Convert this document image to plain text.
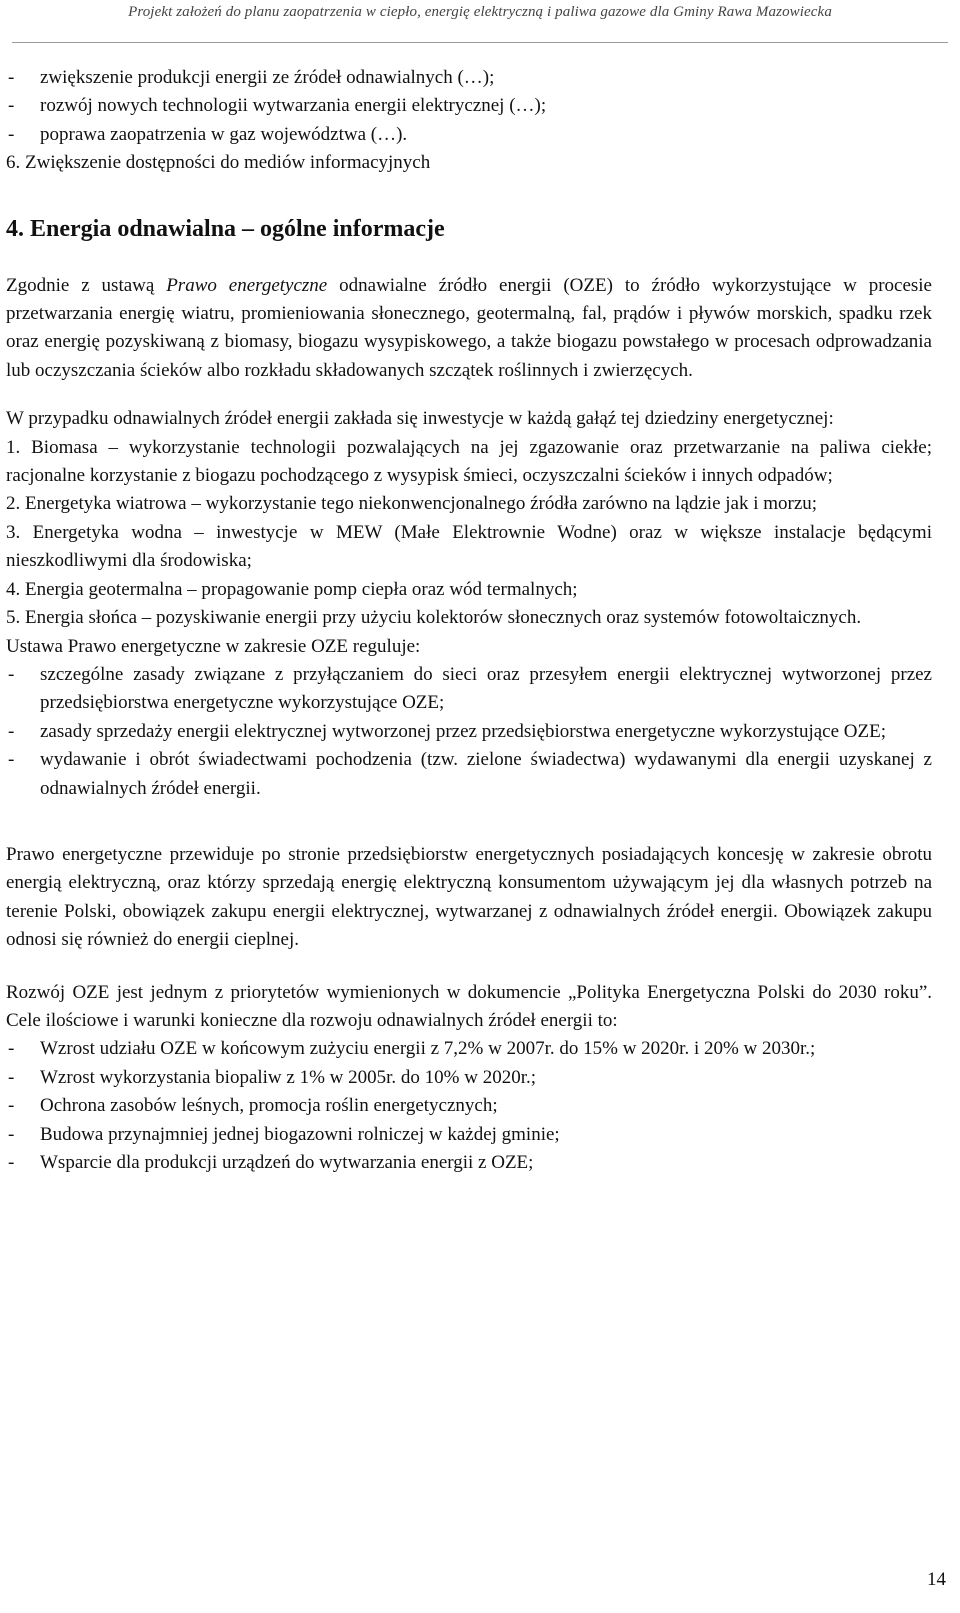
Projekt założeń do planu zaopatrzenia w ciepło, energię elektryczną i paliwa gazowe dla Gminy Rawa Mazowiecka
-	zwiększenie produkcji energii ze źródeł odnawialnych (…);
-	rozwój nowych technologii wytwarzania energii elektrycznej (…);
-	poprawa zaopatrzenia w gaz województwa (…).

6. Zwiększenie dostępności do mediów informacyjnych

4. Energia odnawialna – ogólne informacje

Zgodnie z ustawą Prawo energetyczne odnawialne źródło energii (OZE) to źródło wykorzystujące w procesie przetwarzania energię wiatru, promieniowania słonecznego, geotermalną, fal, prądów i pływów morskich, spadku rzek oraz energię pozyskiwaną z biomasy, biogazu wysypiskowego, a także biogazu powstałego w procesach odprowadzania lub oczyszczania ścieków albo rozkładu składowanych szczątek roślinnych i zwierzęcych.

W przypadku odnawialnych źródeł energii zakłada się inwestycje w każdą gałąź tej dziedziny energetycznej:

1. Biomasa – wykorzystanie technologii pozwalających na jej zgazowanie oraz przetwarzanie na paliwa ciekłe; racjonalne korzystanie z biogazu pochodzącego z wysypisk śmieci, oczyszczalni ścieków i innych odpadów;

2. Energetyka wiatrowa – wykorzystanie tego niekonwencjonalnego źródła zarówno na lądzie jak i morzu;

3. Energetyka wodna – inwestycje w MEW (Małe Elektrownie Wodne) oraz w większe instalacje będącymi nieszkodliwymi dla środowiska;

4. Energia geotermalna – propagowanie pomp ciepła oraz wód termalnych;

5. Energia słońca – pozyskiwanie energii przy użyciu kolektorów słonecznych oraz systemów fotowoltaicznych.

Ustawa Prawo energetyczne w zakresie OZE reguluje:

-	szczególne zasady związane z przyłączaniem do sieci oraz przesyłem energii elektrycznej wytworzonej przez przedsiębiorstwa energetyczne wykorzystujące OZE;
-	zasady sprzedaży energii elektrycznej wytworzonej przez przedsiębiorstwa energetyczne wykorzystujące OZE;
-	wydawanie i obrót świadectwami pochodzenia (tzw. zielone świadectwa) wydawanymi dla energii uzyskanej z odnawialnych źródeł energii.

Prawo energetyczne przewiduje po stronie przedsiębiorstw energetycznych posiadających koncesję w zakresie obrotu energią elektryczną, oraz którzy sprzedają energię elektryczną konsumentom używającym jej dla własnych potrzeb na terenie Polski, obowiązek zakupu energii elektrycznej, wytwarzanej z odnawialnych źródeł energii. Obowiązek zakupu odnosi się również do energii cieplnej.

Rozwój OZE jest jednym z priorytetów wymienionych w dokumencie „Polityka Energetyczna Polski do 2030 roku”. Cele ilościowe i warunki konieczne dla rozwoju odnawialnych źródeł energii to:

-	Wzrost udziału OZE w końcowym zużyciu energii z 7,2% w 2007r. do 15% w 2020r. i 20% w 2030r.;
-	Wzrost wykorzystania biopaliw z 1% w 2005r. do 10% w 2020r.;
-	Ochrona zasobów leśnych, promocja roślin energetycznych;
-	Budowa przynajmniej jednej biogazowni rolniczej w każdej gminie;
-	Wsparcie dla produkcji urządzeń do wytwarzania energii z OZE;
14
